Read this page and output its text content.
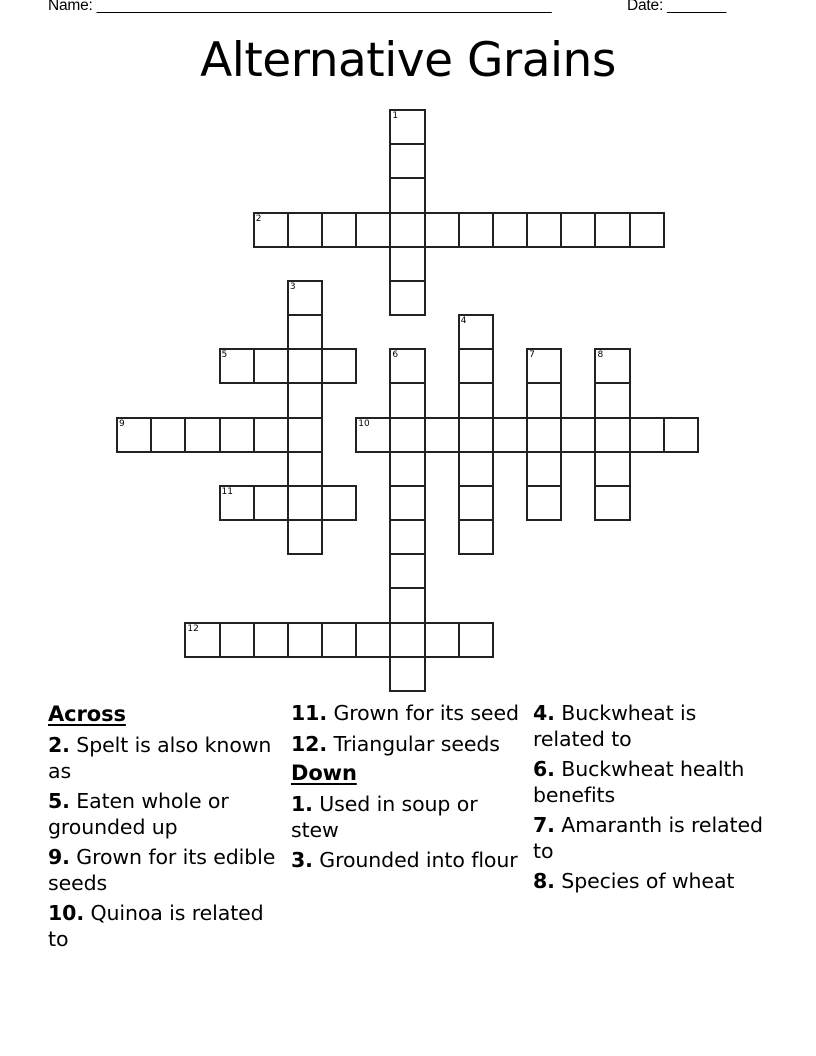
Name: ______________________________________________________	Date: _______
Alternative Grains
1
2
3
4
5	6	7	8
9	10
11
12
Across
2. Spelt is also known as
5. Eaten whole or grounded up
9. Grown for its edible seeds
10. Quinoa is related to
11. Grown for its seed
12. Triangular seeds
Down
1. Used in soup or stew
3. Grounded into flour
4. Buckwheat is related to
6. Buckwheat health benefits
7. Amaranth is related to
8. Species of wheat
